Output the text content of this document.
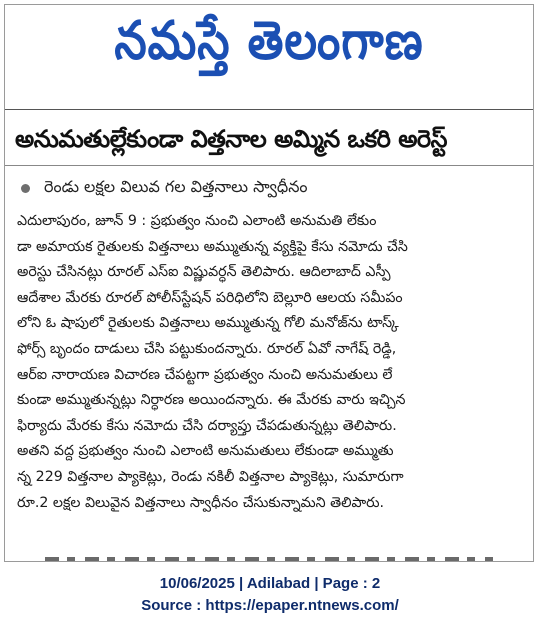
నమస్తే తెలంగాణ
అనుమతుల్లేకుండా విత్తనాల అమ్మిన ఒకరి అరెస్ట్
రెండు లక్షల విలువ గల విత్తనాలు స్వాధీనం
ఎదులాపురం, జూన్ 9 : ప్రభుత్వం నుంచి ఎలాంటి అనుమతి లేకుం
డా అమాయక రైతులకు విత్తనాలు అమ్ముతున్న వ్యక్తిపై కేసు నమోదు చేసి
అరెస్టు చేసినట్లు రూరల్ ఎస్ఐ విష్ణువర్ధన్ తెలిపారు. ఆదిలాబాద్ ఎస్పీ
ఆదేశాల మేరకు రూరల్ పోలీస్‌స్టేషన్ పరిధిలోని బెల్లూరి ఆలయ సమీపం
లోని ఓ షాపులో రైతులకు విత్తనాలు అమ్ముతున్న గోలి మనోజ్‌ను టాస్క్
ఫోర్స్ బృందం దాడులు చేసి పట్టుకుందన్నారు. రూరల్ ఏవో నాగేష్ రెడ్డి,
ఆర్ఐ నారాయణ విచారణ చేపట్టగా ప్రభుత్వం నుంచి అనుమతులు లే
కుండా అమ్ముతున్నట్లు నిర్ధారణ అయిందన్నారు. ఈ మేరకు వారు ఇచ్చిన
ఫిర్యాదు మేరకు కేసు నమోదు చేసి దర్యాప్తు చేపడుతున్నట్లు తెలిపారు.
అతని వద్ద ప్రభుత్వం నుంచి ఎలాంటి అనుమతులు లేకుండా అమ్ముతు
న్న 229 విత్తనాల ప్యాకెట్లు, రెండు నకిలీ విత్తనాల ప్యాకెట్లు, సుమారుగా
రూ.2 లక్షల విలువైన విత్తనాలు స్వాధీనం చేసుకున్నామని తెలిపారు.
10/06/2025 | Adilabad | Page : 2
Source : https://epaper.ntnews.com/
